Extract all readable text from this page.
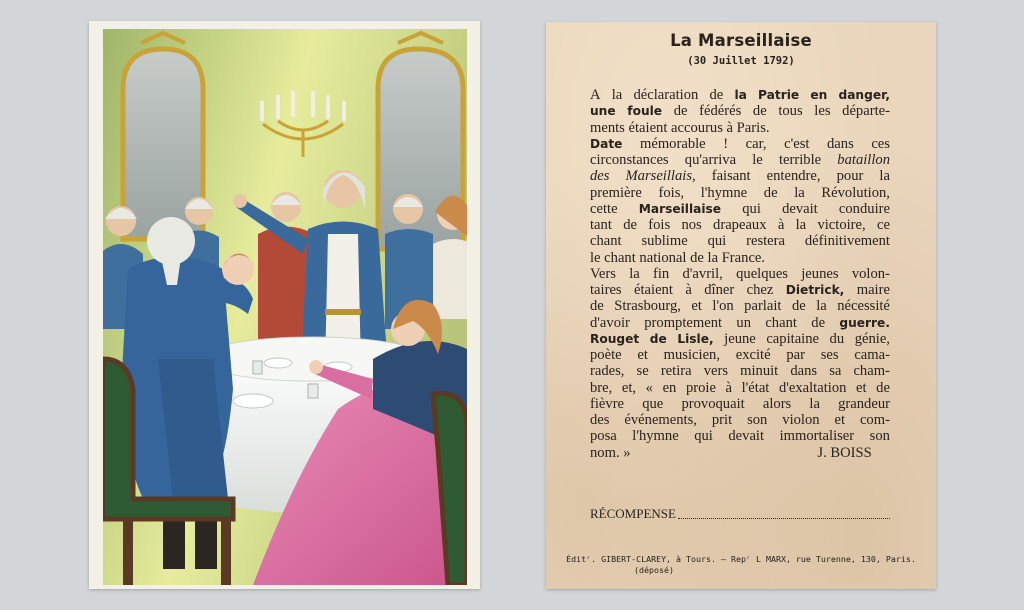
La Marseillaise
(30 Juillet 1792)
A la déclaration de la Patrie en danger,
une foule de fédérés de tous les départe-
ments étaient accourus à Paris.
Date mémorable ! car, c'est dans ces
circonstances qu'arriva le terrible bataillon
des Marseillais, faisant entendre, pour la
première fois, l'hymne de la Révolution,
cette Marseillaise qui devait conduire
tant de fois nos drapeaux à la victoire, ce
chant sublime qui restera définitivement
le chant national de la France.
Vers la fin d'avril, quelques jeunes volon-
taires étaient à dîner chez Dietrick, maire
de Strasbourg, et l'on parlait de la nécessité
d'avoir promptement un chant de guerre.
Rouget de Lisle, jeune capitaine du génie,
poète et musicien, excité par ses cama-
rades, se retira vers minuit dans sa cham-
bre, et, « en proie à l'état d'exaltation et de
fièvre que provoquait alors la grandeur
des événements, prit son violon et com-
posa l'hymne qui devait immortaliser son
nom. »	J. BOISS
RÉCOMPENSE
Éditʳ. GIBERT-CLAREY, à Tours. — Repʳ L MARX, rue Turenne, 130, Paris.
(déposé)
